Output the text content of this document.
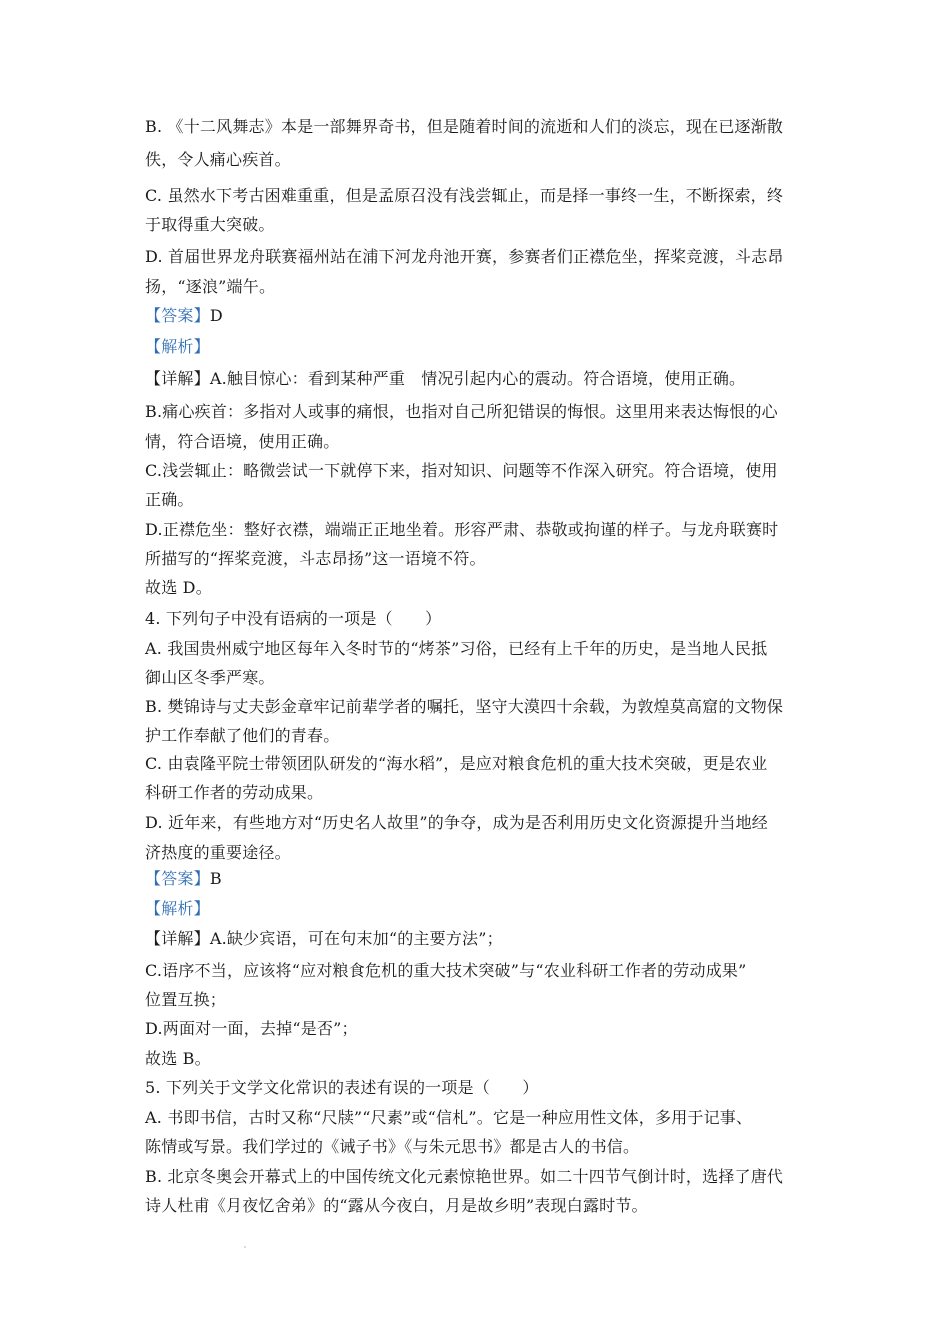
B. 《十二风舞志》本是一部舞界奇书，但是随着时间的流逝和人们的淡忘，现在已逐渐散
佚，令人痛心疾首。
C. 虽然水下考古困难重重，但是孟原召没有浅尝辄止，而是择一事终一生，不断探索，终
于取得重大突破。
D. 首届世界龙舟联赛福州站在浦下河龙舟池开赛，参赛者们正襟危坐，挥桨竞渡，斗志昂
扬，“逐浪”端午。
【答案】D
【解析】
【详解】A.触目惊心：看到某种严重　情况引起内心的震动。符合语境，使用正确。
B.痛心疾首：多指对人或事的痛恨，也指对自己所犯错误的悔恨。这里用来表达悔恨的心
情，符合语境，使用正确。
C.浅尝辄止：略微尝试一下就停下来，指对知识、问题等不作深入研究。符合语境，使用
正确。
D.正襟危坐：整好衣襟，端端正正地坐着。形容严肃、恭敬或拘谨的样子。与龙舟联赛时
所描写的“挥桨竞渡，斗志昂扬”这一语境不符。
故选 D。
4. 下列句子中没有语病的一项是（　　）
A. 我国贵州威宁地区每年入冬时节的“烤茶”习俗，已经有上千年的历史，是当地人民抵
御山区冬季严寒。
B. 樊锦诗与丈夫彭金章牢记前辈学者的嘱托，坚守大漠四十余载，为敦煌莫高窟的文物保
护工作奉献了他们的青春。
C. 由袁隆平院士带领团队研发的“海水稻”，是应对粮食危机的重大技术突破，更是农业
科研工作者的劳动成果。
D. 近年来，有些地方对“历史名人故里”的争夺，成为是否利用历史文化资源提升当地经
济热度的重要途径。
【答案】B
【解析】
【详解】A.缺少宾语，可在句末加“的主要方法”；
C.语序不当，应该将“应对粮食危机的重大技术突破”与“农业科研工作者的劳动成果”
位置互换；
D.两面对一面，去掉“是否”；
故选 B。
5. 下列关于文学文化常识的表述有误的一项是（　　）
A. 书即书信，古时又称“尺牍”“尺素”或“信札”。它是一种应用性文体，多用于记事、
陈情或写景。我们学过的《诫子书》《与朱元思书》都是古人的书信。
B. 北京冬奥会开幕式上的中国传统文化元素惊艳世界。如二十四节气倒计时，选择了唐代
诗人杜甫《月夜忆舍弟》的“露从今夜白，月是故乡明”表现白露时节。
